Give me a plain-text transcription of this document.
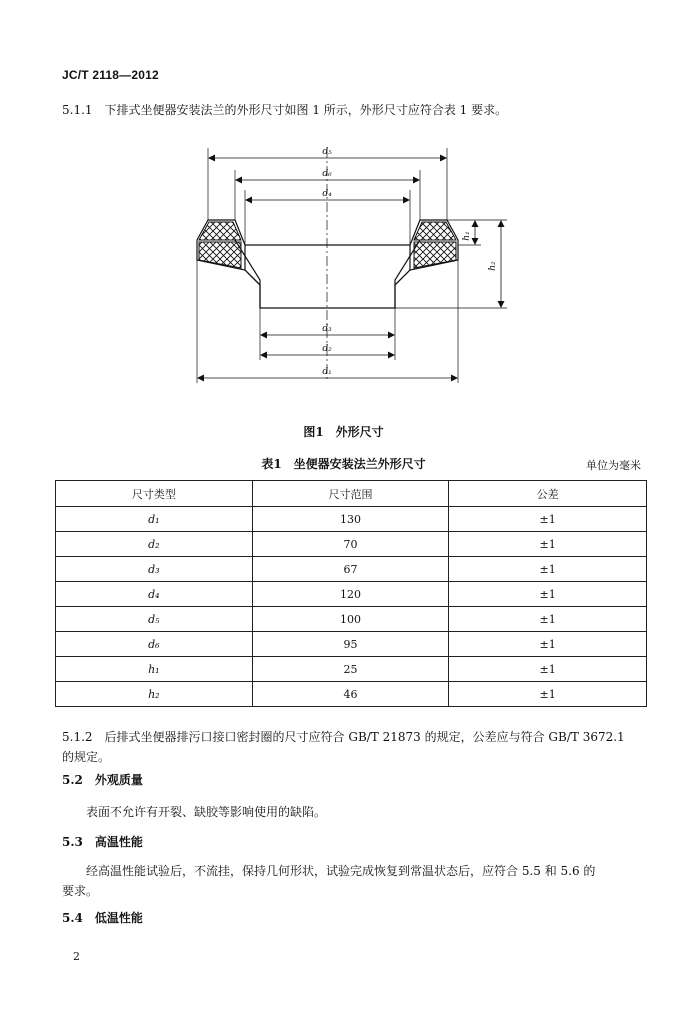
JC/T 2118—2012
5.1.1 下排式坐便器安装法兰的外形尺寸如图 1 所示，外形尺寸应符合表 1 要求。
d₅
d₆
d₄
d₃
d₂
d₁
h₁
h₂
图1　外形尺寸
表1　坐便器安装法兰外形尺寸	单位为毫米
尺寸类型	尺寸范围	公差
d₁	130	±1
d₂	70	±1
d₃	67	±1
d₄	120	±1
d₅	100	±1
d₆	95	±1
h₁	25	±1
h₂	46	±1
5.1.2 后排式坐便器排污口接口密封圈的尺寸应符合 GB/T 21873 的规定，公差应与符合 GB/T 3672.1
的规定。
5.2 外观质量
表面不允许有开裂、缺胶等影响使用的缺陷。
5.3 高温性能
经高温性能试验后，不流挂，保持几何形状，试验完成恢复到常温状态后，应符合 5.5 和 5.6 的
要求。
5.4 低温性能
2
